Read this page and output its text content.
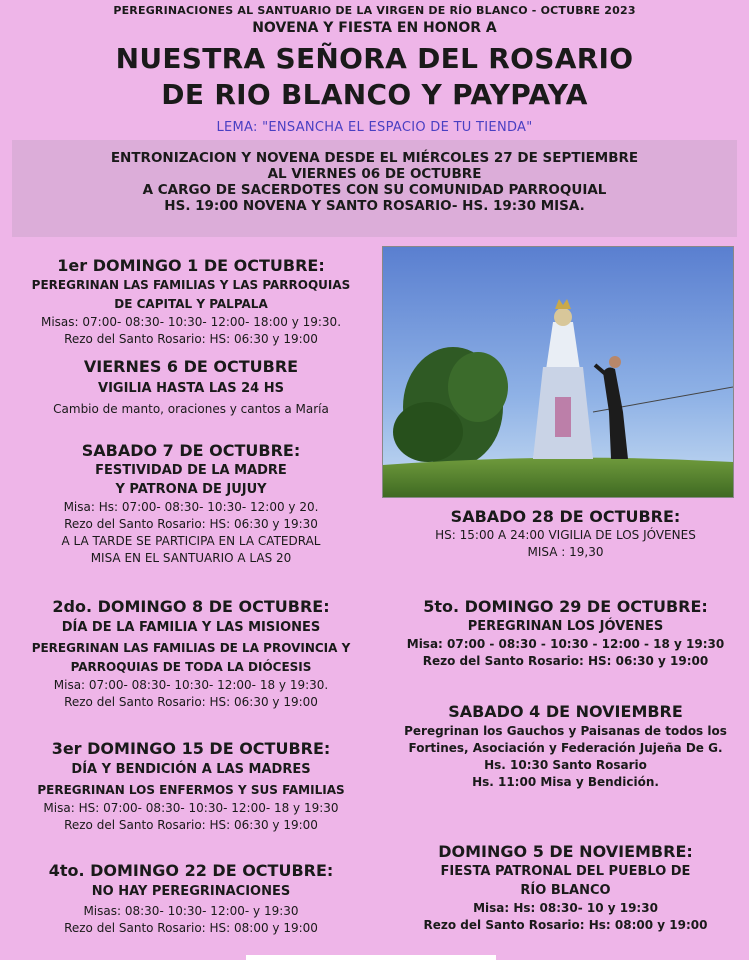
PEREGRINACIONES AL SANTUARIO DE LA VIRGEN DE RÍO BLANCO - OCTUBRE 2023
NOVENA Y FIESTA EN HONOR A
NUESTRA SEÑORA DEL ROSARIO
DE RIO BLANCO Y PAYPAYA
LEMA: "ENSANCHA EL ESPACIO DE TU TIENDA"
ENTRONIZACION Y NOVENA DESDE EL MIÉRCOLES 27 DE SEPTIEMBRE
AL VIERNES 06 DE OCTUBRE
A CARGO DE SACERDOTES CON SU COMUNIDAD PARROQUIAL
HS. 19:00 NOVENA Y SANTO ROSARIO- HS. 19:30 MISA.
1er DOMINGO 1 DE OCTUBRE:
PEREGRINAN LAS FAMILIAS Y LAS PARROQUIAS
DE CAPITAL Y PALPALA
Misas: 07:00- 08:30- 10:30- 12:00- 18:00 y 19:30.
Rezo del Santo Rosario: HS: 06:30 y 19:00
VIERNES 6 DE OCTUBRE
VIGILIA HASTA LAS 24 HS
Cambio de manto, oraciones y cantos a María
SABADO 7 DE OCTUBRE:
FESTIVIDAD DE LA MADRE
Y PATRONA DE JUJUY
Misa: Hs: 07:00- 08:30- 10:30- 12:00 y 20.
Rezo del Santo Rosario: HS: 06:30 y 19:30
A LA TARDE SE PARTICIPA EN LA CATEDRAL
MISA EN EL SANTUARIO A LAS 20
2do. DOMINGO 8 DE OCTUBRE:
DÍA DE LA FAMILIA Y LAS MISIONES
PEREGRINAN LAS FAMILIAS DE LA PROVINCIA Y
PARROQUIAS DE TODA LA DIÓCESIS
Misa: 07:00- 08:30- 10:30- 12:00- 18 y 19:30.
Rezo del Santo Rosario: HS: 06:30 y 19:00
3er DOMINGO 15 DE OCTUBRE:
DÍA Y BENDICIÓN A LAS MADRES
PEREGRINAN LOS ENFERMOS Y SUS FAMILIAS
Misa: HS: 07:00- 08:30- 10:30- 12:00- 18 y 19:30
Rezo del Santo Rosario: HS: 06:30 y 19:00
4to. DOMINGO 22 DE OCTUBRE:
NO HAY PEREGRINACIONES
Misas: 08:30- 10:30- 12:00- y 19:30
Rezo del Santo Rosario: HS: 08:00 y 19:00
SABADO 28 DE OCTUBRE:
HS: 15:00 A 24:00 VIGILIA DE LOS JÓVENES
MISA : 19,30
5to. DOMINGO 29 DE OCTUBRE:
PEREGRINAN LOS JÓVENES
Misa: 07:00 - 08:30 - 10:30 - 12:00 - 18 y 19:30
Rezo del Santo Rosario: HS: 06:30 y 19:00
SABADO 4 DE NOVIEMBRE
Peregrinan los Gauchos y Paisanas de todos los
Fortines, Asociación y Federación Jujeña De G.
Hs. 10:30 Santo Rosario
Hs. 11:00 Misa y Bendición.
DOMINGO 5 DE NOVIEMBRE:
FIESTA PATRONAL DEL PUEBLO DE
RÍO BLANCO
Misa: Hs: 08:30- 10 y 19:30
Rezo del Santo Rosario: Hs: 08:00 y 19:00
